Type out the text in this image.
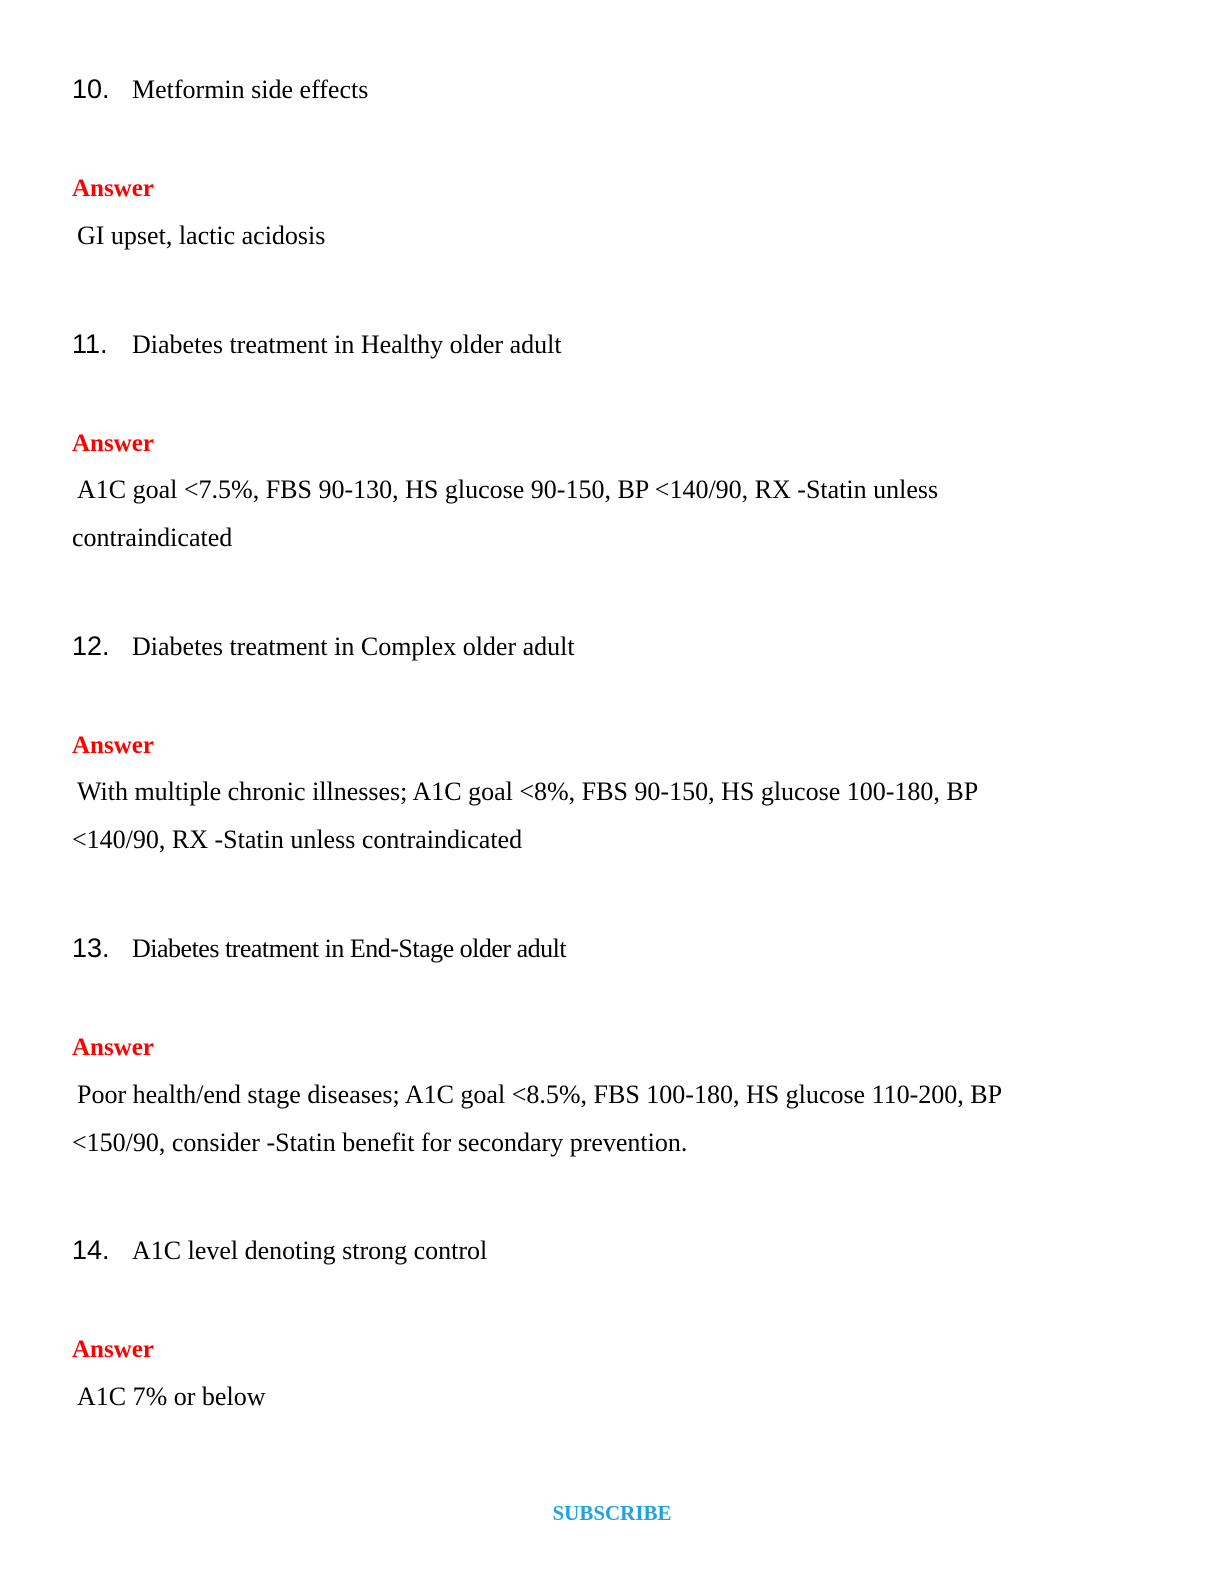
10. Metformin side effects
Answer
GI upset, lactic acidosis
11. Diabetes treatment in Healthy older adult
Answer
A1C goal <7.5%, FBS 90-130, HS glucose 90-150, BP <140/90, RX -Statin unless contraindicated
12. Diabetes treatment in Complex older adult
Answer
With multiple chronic illnesses; A1C goal <8%, FBS 90-150, HS glucose 100-180, BP <140/90, RX -Statin unless contraindicated
13. Diabetes treatment in End-Stage older adult
Answer
Poor health/end stage diseases; A1C goal <8.5%, FBS 100-180, HS glucose 110-200, BP <150/90, consider -Statin benefit for secondary prevention.
14. A1C level denoting strong control
Answer
A1C 7% or below
SUBSCRIBE
